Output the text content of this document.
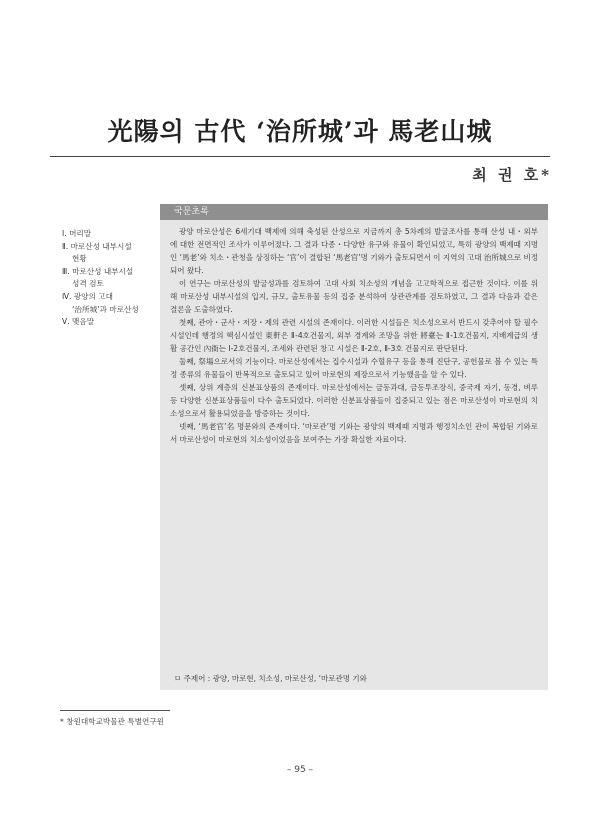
光陽의 古代 ‘治所城’과 馬老山城
최 권 호*
Ⅰ. 머리말
Ⅱ. 마로산성 내부시설
현황
Ⅲ. 마로산성 내부시설
성격 검토
Ⅳ. 광양의 고대
‘治所城’과 마로산성
Ⅴ. 맺음말
국문초록

광양 마로산성은 6세기대 백제에 의해 축성된 산성으로 지금까지 총 5차례의 발굴조사를 통해 산성 내・외부에 대한 전면적인 조사가 이루어졌다. 그 결과 다종・다양한 유구와 유물이 확인되었고, 특히 광양의 백제때 지명인 ‘馬老’와 치소・관청을 상징하는 ‘官’이 결합된 ‘馬老官’명 기와가 출토되면서 이 지역의 고대 治所城으로 비정되어 왔다.

이 연구는 마로산성의 발굴성과를 검토하여 고대 사회 치소성의 개념을 고고학적으로 접근한 것이다. 이를 위해 마로산성 내부시설의 입지, 규모, 출토유물 등의 집중 분석하여 상관관계를 검토하였고, 그 결과 다음과 같은 결론을 도출하였다.

첫째, 관아・군사・저장・제의 관련 시설의 존재이다. 이러한 시설들은 치소성으로서 반드시 갖추어야 할 필수 시설인데 행정의 핵심시설인 東軒은 Ⅱ-4호건물지, 외부 경계와 조망을 위한 將臺는 Ⅱ-1호건물지, 지배계급의 생활 공간인 內衙는 Ⅰ-2호건물지, 조세와 관련된 창고 시설은 Ⅱ-2호, Ⅱ-3호 건물지로 판단된다.

둘째, 祭場으로서의 기능이다. 마로산성에서는 집수시설과 수혈유구 등을 통해 진단구, 공헌물로 볼 수 있는 특정 종류의 유물들이 반복적으로 출토되고 있어 마로현의 제장으로서 기능했음을 알 수 있다.

셋째, 상위 계층의 신분표상품의 존재이다. 마로산성에서는 금동과대, 금동투조장식, 중국제 자기, 동경, 벼루 등 다양한 신분표상품들이 다수 출토되었다. 이러한 신분표상품들이 집중되고 있는 점은 마로산성이 마로현의 치소성으로서 활용되었음을 방증하는 것이다.

넷째, ‘馬老官’名 명문와의 존재이다. ‘마로관’명 기와는 광양의 백제때 지명과 행정치소인 관이 복합된 기와로서 마로산성이 마로현의 치소성이었음을 보여주는 가장 확실한 자료이다.

ㅁ 주제어 : 광양, 마로현, 치소성, 마로산성, ‘마로관명 기와
* 창원대학교박물관 특별연구원
– 95 –
